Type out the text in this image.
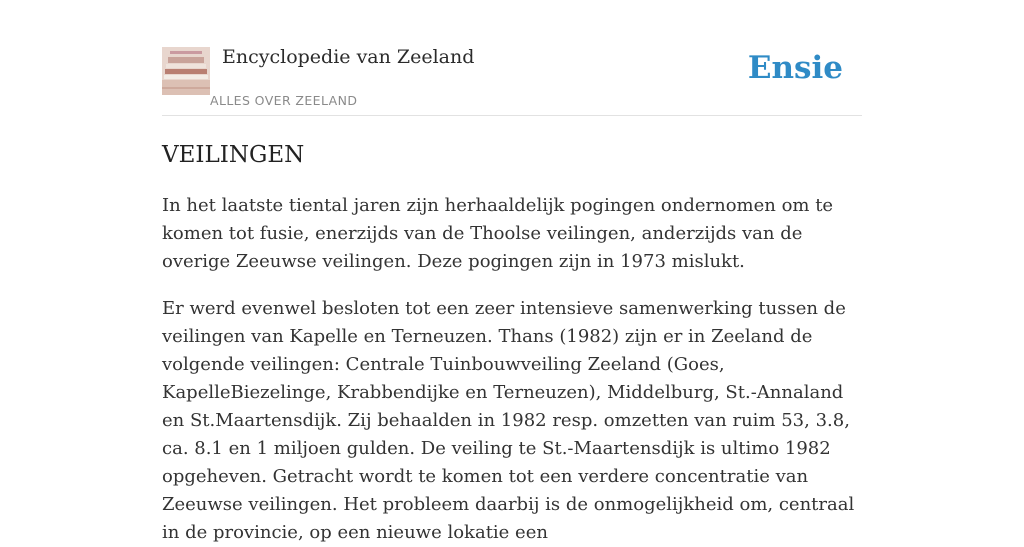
Encyclopedie van Zeeland
ALLES OVER ZEELAND
Ensie
VEILINGEN

In het laatste tiental jaren zijn herhaaldelijk pogingen ondernomen om te komen tot fusie, enerzijds van de Thoolse veilingen, anderzijds van de overige Zeeuwse veilingen. Deze pogingen zijn in 1973 mislukt.

Er werd evenwel besloten tot een zeer intensieve samenwerking tussen de veilingen van Kapelle en Terneuzen. Thans (1982) zijn er in Zeeland de volgende veilingen: Centrale Tuinbouwveiling Zeeland (Goes, KapelleBiezelinge, Krabbendijke en Terneuzen), Middelburg, St.-Annaland en St.Maartensdijk. Zij behaalden in 1982 resp. omzetten van ruim 53, 3.8, ca. 8.1 en 1 miljoen gulden. De veiling te St.-Maartensdijk is ultimo 1982 opgeheven. Getracht wordt te komen tot een verdere concentratie van Zeeuwse veilingen. Het probleem daarbij is de onmogelijkheid om, centraal in de provincie, op een nieuwe lokatie een
